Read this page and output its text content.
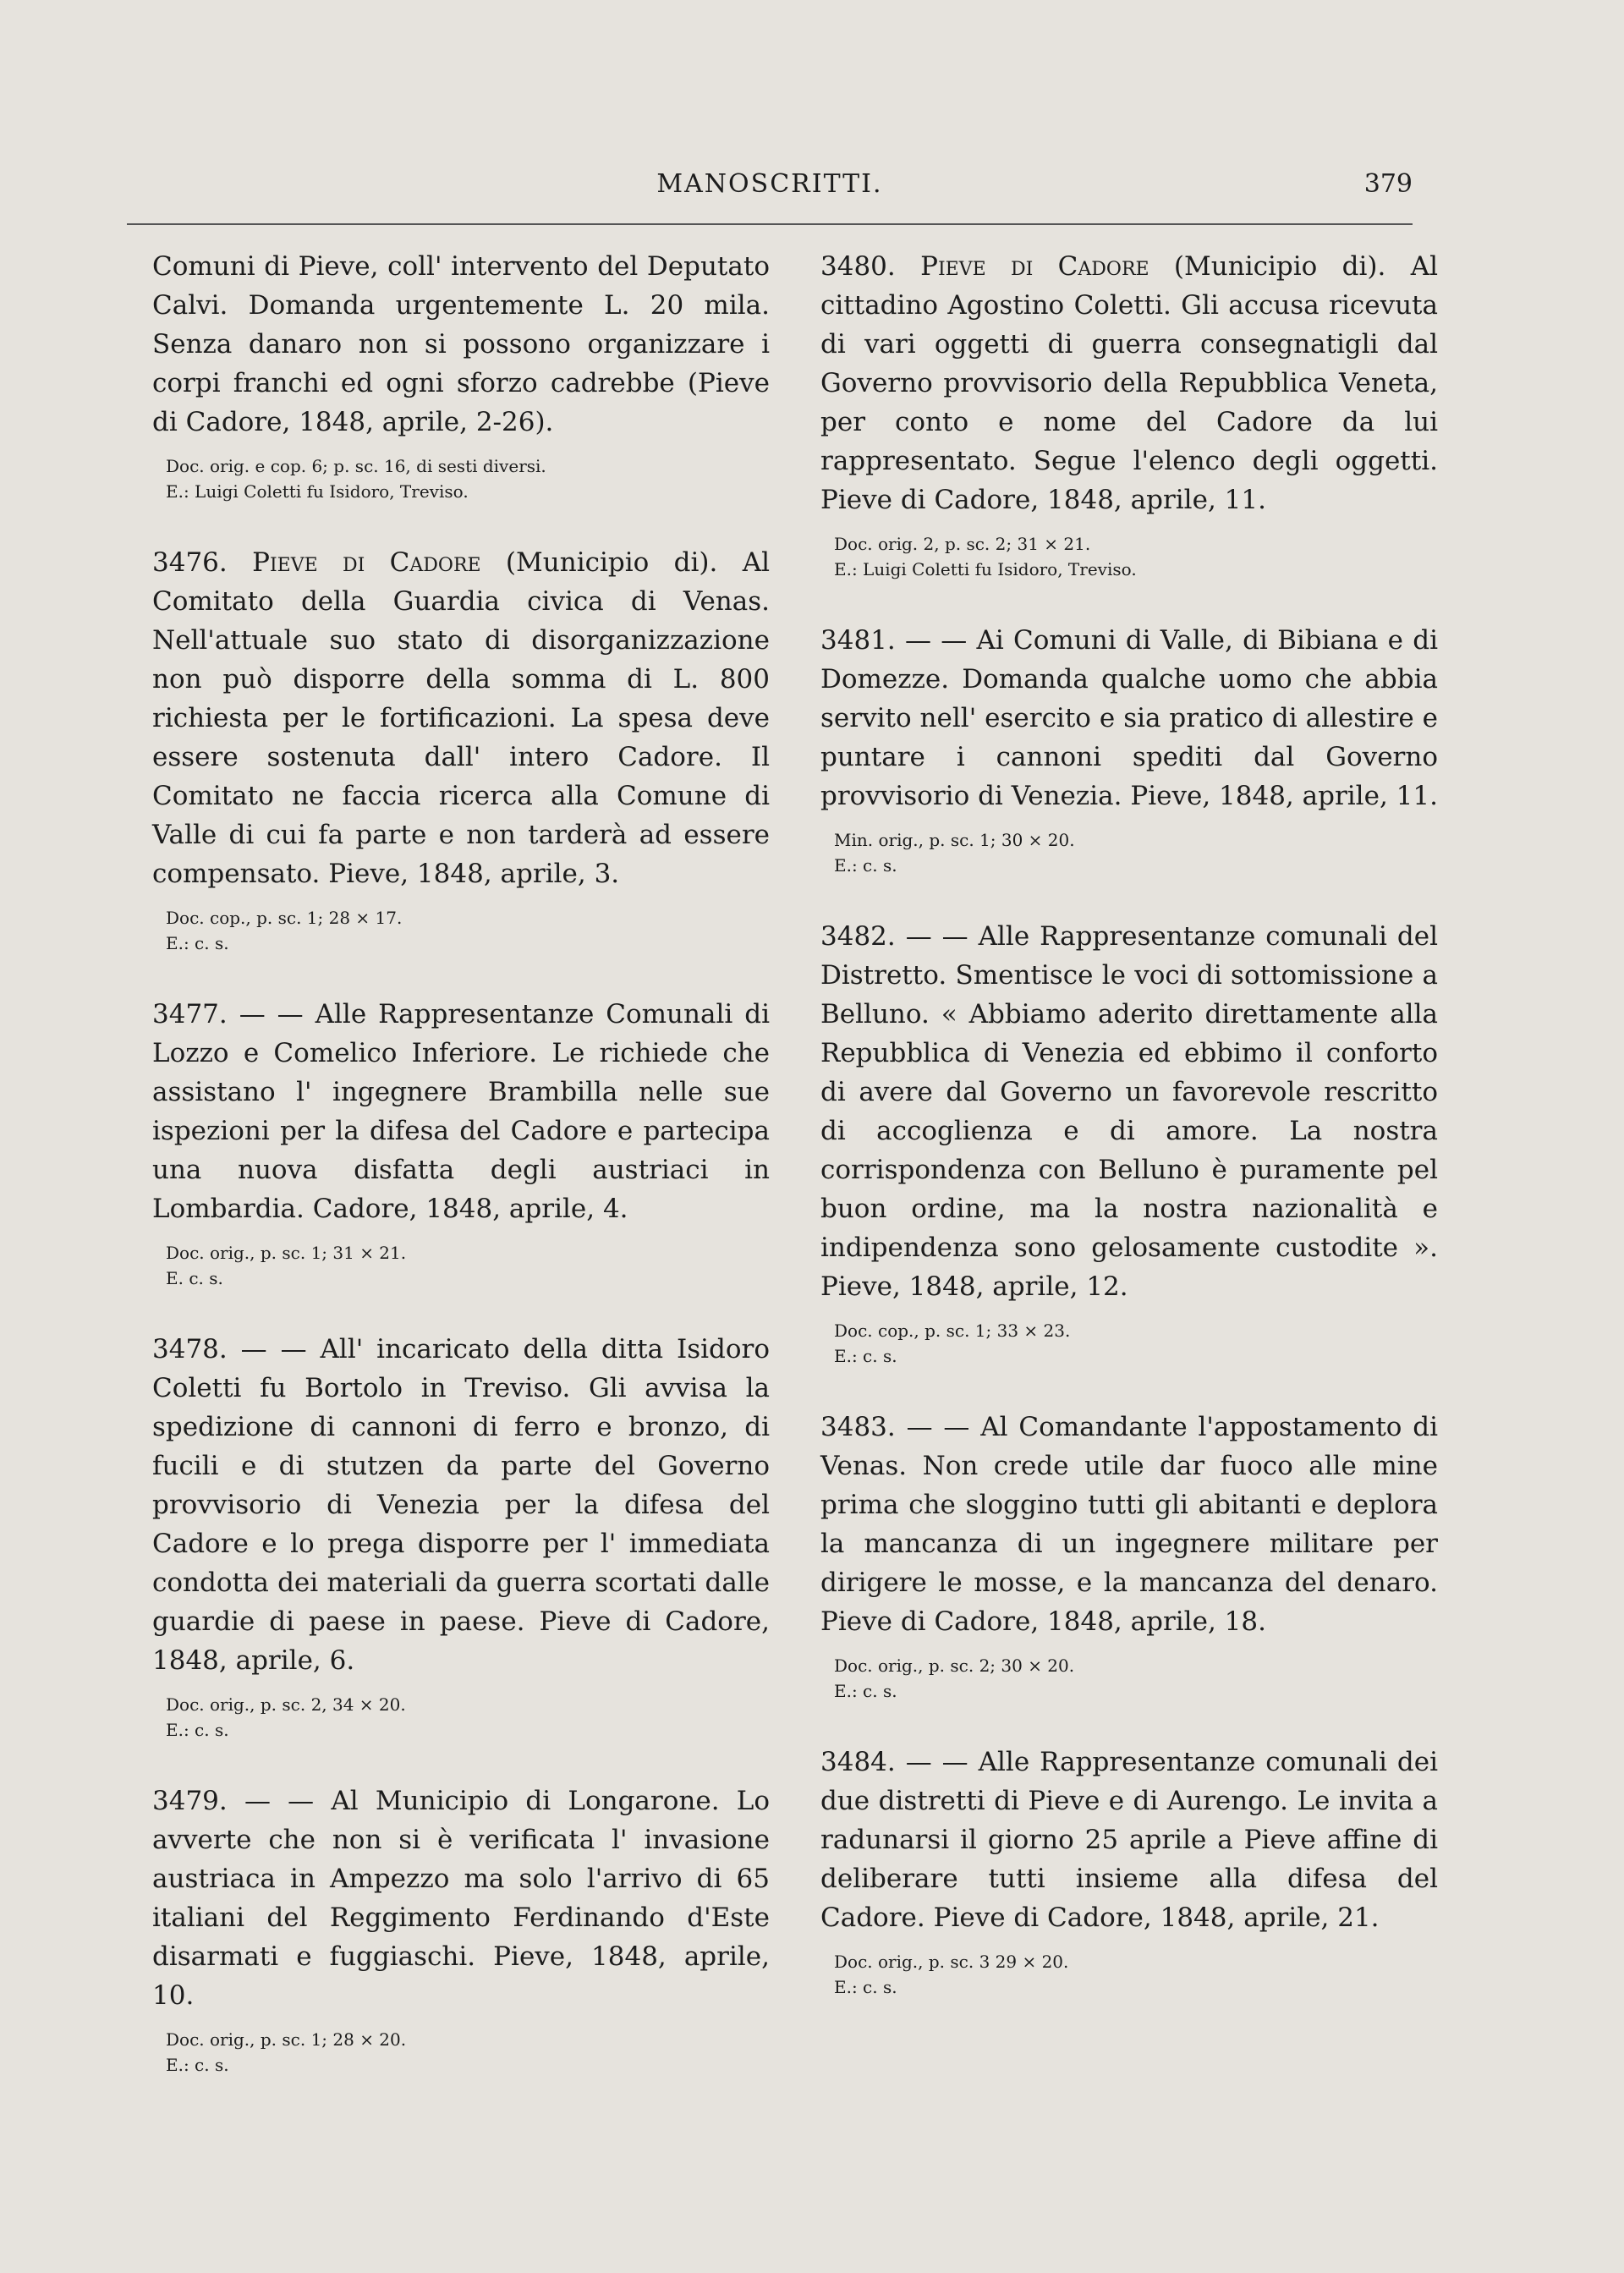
MANOSCRITTI.	379

Comuni di Pieve, coll' intervento del Deputato Calvi. Domanda urgentemente L. 20 mila. Senza danaro non si possono organizzare i corpi franchi ed ogni sforzo cadrebbe (Pieve di Cadore, 1848, aprile, 2-26).

Doc. orig. e cop. 6; p. sc. 16, di sesti diversi.
E.: Luigi Coletti fu Isidoro, Treviso.

3476. Pieve di Cadore (Municipio di). Al Comitato della Guardia civica di Venas. Nell'attuale suo stato di disorganizzazione non può disporre della somma di L. 800 richiesta per le fortificazioni. La spesa deve essere sostenuta dall' intero Cadore. Il Comitato ne faccia ricerca alla Comune di Valle di cui fa parte e non tarderà ad essere compensato. Pieve, 1848, aprile, 3.

Doc. cop., p. sc. 1; 28 × 17.
E.: c. s.

3477. — — Alle Rappresentanze Comunali di Lozzo e Comelico Inferiore. Le richiede che assistano l' ingegnere Brambilla nelle sue ispezioni per la difesa del Cadore e partecipa una nuova disfatta degli austriaci in Lombardia. Cadore, 1848, aprile, 4.

Doc. orig., p. sc. 1; 31 × 21.
E. c. s.

3478. — — All' incaricato della ditta Isidoro Coletti fu Bortolo in Treviso. Gli avvisa la spedizione di cannoni di ferro e bronzo, di fucili e di stutzen da parte del Governo provvisorio di Venezia per la difesa del Cadore e lo prega disporre per l' immediata condotta dei materiali da guerra scortati dalle guardie di paese in paese. Pieve di Cadore, 1848, aprile, 6.

Doc. orig., p. sc. 2, 34 × 20.
E.: c. s.

3479. — — Al Municipio di Longarone. Lo avverte che non si è verificata l' invasione austriaca in Ampezzo ma solo l'arrivo di 65 italiani del Reggimento Ferdinando d'Este disarmati e fuggiaschi. Pieve, 1848, aprile, 10.

Doc. orig., p. sc. 1; 28 × 20.
E.: c. s.

3480. Pieve di Cadore (Municipio di). Al cittadino Agostino Coletti. Gli accusa ricevuta di vari oggetti di guerra consegnatigli dal Governo provvisorio della Repubblica Veneta, per conto e nome del Cadore da lui rappresentato. Segue l'elenco degli oggetti. Pieve di Cadore, 1848, aprile, 11.

Doc. orig. 2, p. sc. 2; 31 × 21.
E.: Luigi Coletti fu Isidoro, Treviso.

3481. — — Ai Comuni di Valle, di Bibiana e di Domezze. Domanda qualche uomo che abbia servito nell' esercito e sia pratico di allestire e puntare i cannoni spediti dal Governo provvisorio di Venezia. Pieve, 1848, aprile, 11.

Min. orig., p. sc. 1; 30 × 20.
E.: c. s.

3482. — — Alle Rappresentanze comunali del Distretto. Smentisce le voci di sottomissione a Belluno. « Abbiamo aderito direttamente alla Repubblica di Venezia ed ebbimo il conforto di avere dal Governo un favorevole rescritto di accoglienza e di amore. La nostra corrispondenza con Belluno è puramente pel buon ordine, ma la nostra nazionalità e indipendenza sono gelosamente custodite ». Pieve, 1848, aprile, 12.

Doc. cop., p. sc. 1; 33 × 23.
E.: c. s.

3483. — — Al Comandante l'appostamento di Venas. Non crede utile dar fuoco alle mine prima che sloggino tutti gli abitanti e deplora la mancanza di un ingegnere militare per dirigere le mosse, e la mancanza del denaro. Pieve di Cadore, 1848, aprile, 18.

Doc. orig., p. sc. 2; 30 × 20.
E.: c. s.

3484. — — Alle Rappresentanze comunali dei due distretti di Pieve e di Aurengo. Le invita a radunarsi il giorno 25 aprile a Pieve affine di deliberare tutti insieme alla difesa del Cadore. Pieve di Cadore, 1848, aprile, 21.

Doc. orig., p. sc. 3 29 × 20.
E.: c. s.
